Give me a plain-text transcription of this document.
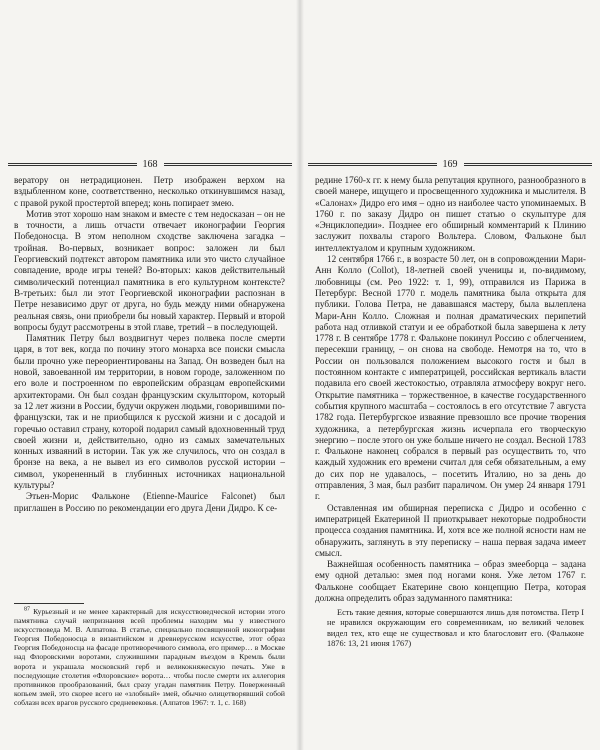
168

вератору он нетрадиционен. Петр изображен верхом на вздыбленном коне, соответственно, несколько откинувшимся назад, с правой рукой простертой вперед; конь попирает змею.

Мотив этот хорошо нам знаком и вместе с тем недосказан – он не в точности, а лишь отчасти отвечает иконографии Георгия Победоносца. В этом неполном сходстве заключена загадка – тройная. Во-первых, возникает вопрос: заложен ли был Георгиевский подтекст автором памятника или это чисто случайное совпадение, вроде игры теней? Во-вторых: каков действительный символический потенциал памятника в его культурном контексте? В-третьих: был ли этот Георгиевской иконографии распознан в Петре независимо друг от друга, но будь между ними обнаружена реальная связь, они приобрели бы новый характер. Первый и второй вопросы будут рассмотрены в этой главе, третий – в последующей.

Памятник Петру был воздвигнут через полвека после смерти царя, в тот век, когда по почину этого монарха все поиски смысла были прочно уже переориентированы на Запад. Он возведен был на новой, завоеванной им территории, в новом городе, заложенном по его воле и построенном по европейским образцам европейскими архитекторами. Он был создан французским скульптором, который за 12 лет жизни в России, будучи окружен людьми, говорившими по-французски, так и не приобщился к русской жизни и с досадой и горечью оставил страну, которой подарил самый вдохновенный труд своей жизни и, действительно, одно из самых замечательных конных изваяний в истории. Так уж же случилось, что он создал в бронзе на века, а не вывел из его символов русской истории – символ, укорененный в глубинных источниках национальной культуры?

Этьен-Морис Фальконе (Etienne-Maurice Falconet) был приглашен в Россию по рекомендации его друга Дени Дидро. К се-

$^{87}$ Курьезный и не менее характерный для искусствоведческой истории этого памятника случай непризнания всей проблемы находим мы у известного искусствоведа М. В. Алпатова. В статье, специально посвященной иконографии Георгия Победоносца в византийском и древнерусском искусстве, этот образ Георгия Победоносца на фасаде противоречивого символа, его пример… в Москве над Флоровскими воротами, служившими парадным въездом в Кремль были ворота и украшала московский герб и великокняжескую печать. Уже в последующие столетия «Флоровские» ворота… чтобы после смерти их аллегория противников прообразований, был сразу угадан памятник Петру. Поверженный копьем змей, это скорее всего не «злобный» змей, обычно олицетворявший собой соблазн всех врагов русского средневековья. (Алпатов 1967: т. 1, с. 168)

169

редине 1760-х гг. к нему была репутация крупного, разнообразного в своей манере, ищущего и просвещенного художника и мыслителя. В «Салонах» Дидро его имя – одно из наиболее часто упоминаемых. В 1760 г. по заказу Дидро он пишет статью о скульптуре для «Энциклопедии». Позднее его обширный комментарий к Плинию заслужит похвалы старого Вольтера. Словом, Фальконе был интеллектуалом и крупным художником.

12 сентября 1766 г., в возрасте 50 лет, он в сопровождении Мари-Анн Колло (Collot), 18-летней своей ученицы и, по-видимому, любовницы (см. Реo 1922: т. 1, 99), отправился из Парижа в Петербург. Весной 1770 г. модель памятника была открыта для публики. Голова Петра, не дававшаяся мастеру, была вылеплена Мари-Анн Колло. Сложная и полная драматических перипетий работа над отливкой статуи и ее обработкой была завершена к лету 1778 г. В сентябре 1778 г. Фальконе покинул Россию с облегчением, пересекши границу, – он снова на свободе. Немотря на то, что в России он пользовался положением высокого гостя и был в постоянном контакте с императрицей, российская вертикаль власти подавила его своей жестокостью, отравляла атмосферу вокруг него. Открытие памятника – торжественное, в качестве государственного события крупного масштаба – состоялось в его отсутствие 7 августа 1782 года. Петербургское изваяние превзошло все прочие творения художника, а петербургская жизнь исчерпала его творческую энергию – после этого он уже больше ничего не создал. Весной 1783 г. Фальконе наконец собрался в первый раз осуществить то, что каждый художник его времени считал для себя обязательным, а ему до сих пор не удавалось, – посетить Италию, но за день до отправления, 3 мая, был разбит параличом. Он умер 24 января 1791 г.

Оставленная им обширная переписка с Дидро и особенно с императрицей Екатериной II приоткрывает некоторые подробности процесса создания памятника. И, хотя все же полной ясности нам не обнаружить, заглянуть в эту переписку – наша первая задача имеет смысл.

Важнейшая особенность памятника – образ змееборца – задана ему одной деталью: змея под ногами коня. Уже летом 1767 г. Фальконе сообщает Екатерине свою концепцию Петра, которая должна определить образ задуманного памятника:

Есть такие деяния, которые совершаются лишь для потомства. Петр I не нравился окружающим его современникам, но великий человек видел тех, кто еще не существовал и кто благословит его. (Фальконе 1876: 13, 21 июня 1767)
